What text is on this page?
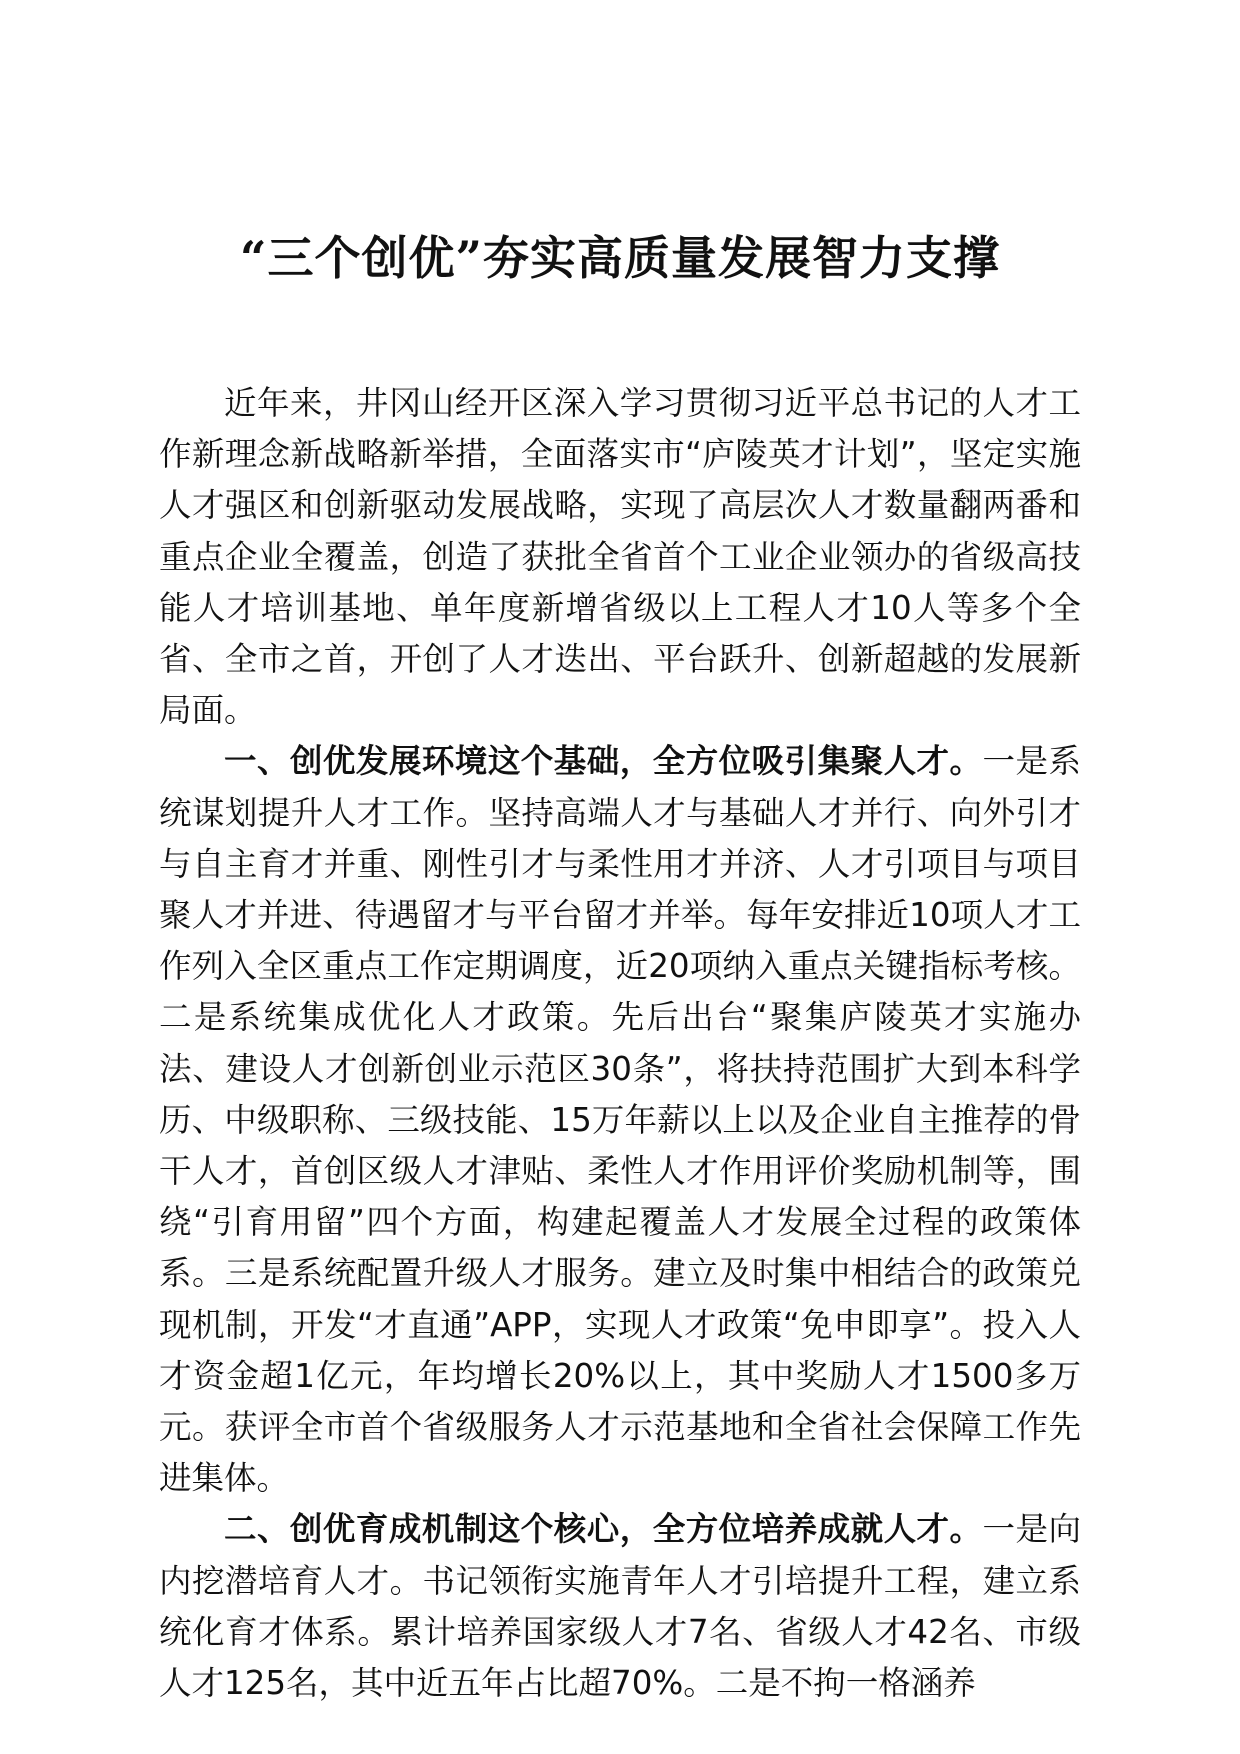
“三个创优”夯实高质量发展智力支撑

近年来，井冈山经开区深入学习贯彻习近平总书记的人才工作新理念新战略新举措，全面落实市“庐陵英才计划”，坚定实施人才强区和创新驱动发展战略，实现了高层次人才数量翻两番和重点企业全覆盖，创造了获批全省首个工业企业领办的省级高技能人才培训基地、单年度新增省级以上工程人才10人等多个全省、全市之首，开创了人才迭出、平台跃升、创新超越的发展新局面。

一、创优发展环境这个基础，全方位吸引集聚人才。一是系统谋划提升人才工作。坚持高端人才与基础人才并行、向外引才与自主育才并重、刚性引才与柔性用才并济、人才引项目与项目聚人才并进、待遇留才与平台留才并举。每年安排近10项人才工作列入全区重点工作定期调度，近20项纳入重点关键指标考核。二是系统集成优化人才政策。先后出台“聚集庐陵英才实施办法、建设人才创新创业示范区30条”，将扶持范围扩大到本科学历、中级职称、三级技能、15万年薪以上以及企业自主推荐的骨干人才，首创区级人才津贴、柔性人才作用评价奖励机制等，围绕“引育用留”四个方面，构建起覆盖人才发展全过程的政策体系。三是系统配置升级人才服务。建立及时集中相结合的政策兑现机制，开发“才直通”APP，实现人才政策“免申即享”。投入人才资金超1亿元，年均增长20%以上，其中奖励人才1500多万元。获评全市首个省级服务人才示范基地和全省社会保障工作先进集体。

二、创优育成机制这个核心，全方位培养成就人才。一是向内挖潜培育人才。书记领衔实施青年人才引培提升工程，建立系统化育才体系。累计培养国家级人才7名、省级人才42名、市级人才125名，其中近五年占比超70%。二是不拘一格涵养
